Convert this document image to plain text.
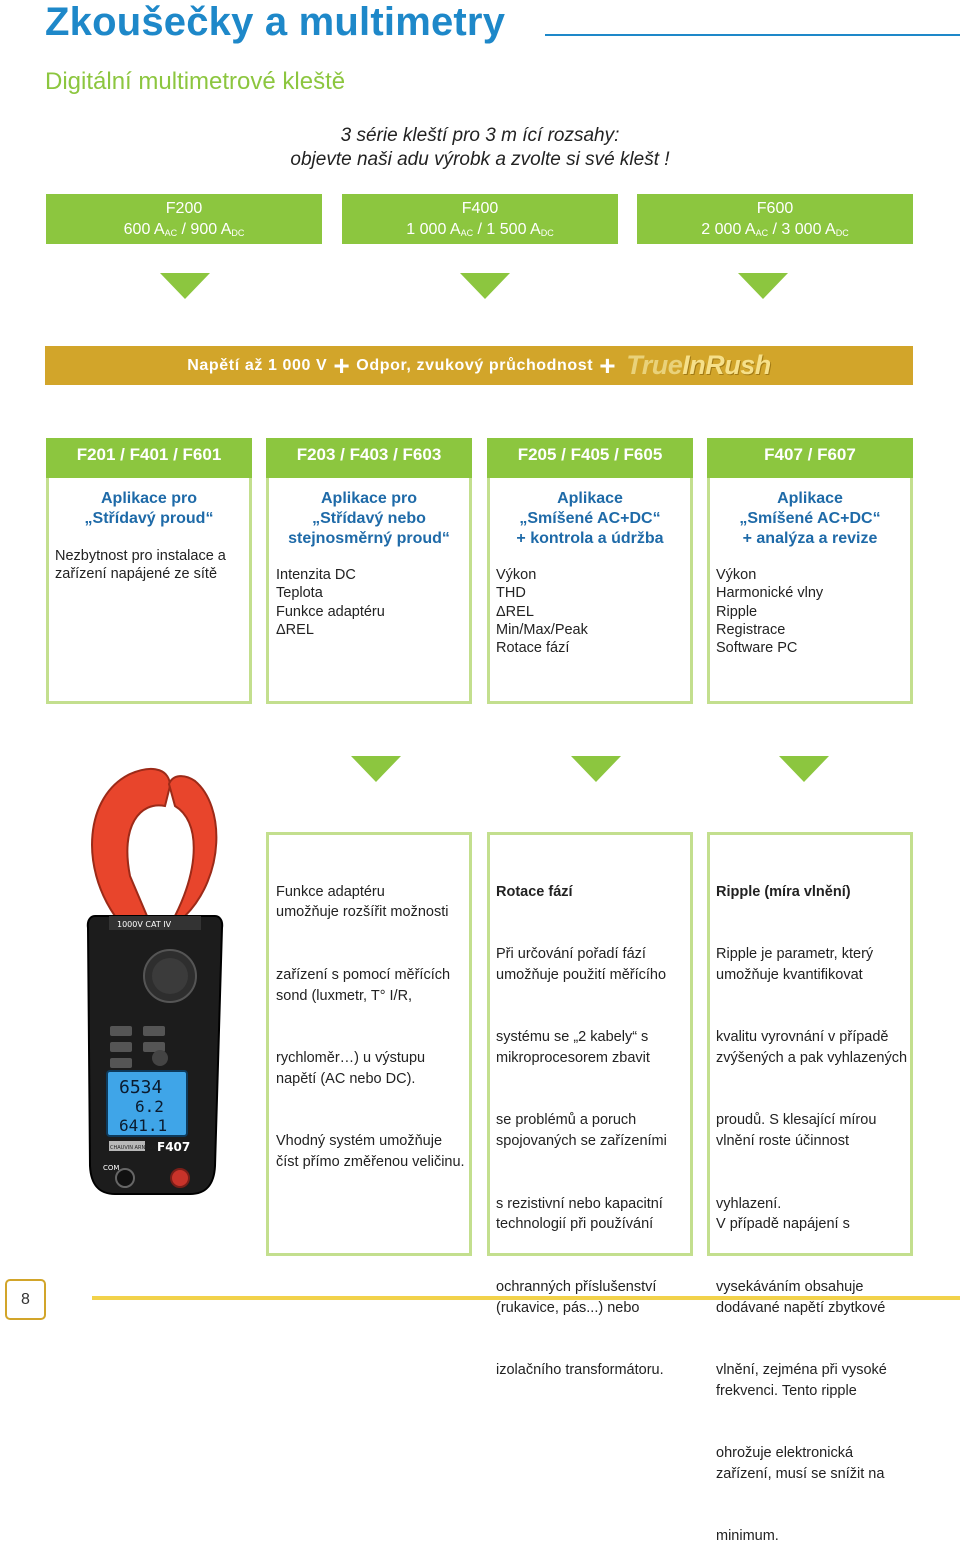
Zkoušečky a multimetry
Digitální multimetrové kleště
3 série kleští pro 3 m ící rozsahy:
objevte naši adu výrobk a zvolte si své klešt !
F200
600 $A_{AC} / 900$ $A_{DC}$
F400
1 000 $A_{AC} / 1$ 500 $A_{DC}$
F600
2 000 $A_{AC} / 3$ 000 $A_{DC}$
Napětí až 1 000 V + Odpor, zvukový průchodnost + TrueInRush
F201 / F401 / F601	F203 / F403 / F603	F205 / F405 / F605	F407 / F607
Aplikace pro
„Střídavý proud“
Nezbytnost pro instalace a
zařízení napájené ze sítě
Aplikace pro
„Střídavý nebo
stejnosměrný proud“
Intenzita DC
Teplota
Funkce adaptéru
ΔREL
Aplikace
„Smíšené AC+DC“
+ kontrola a údržba
Výkon
THD
ΔREL
Min/Max/Peak
Rotace fází
Aplikace
„Smíšené AC+DC“
+ analýza a revize
Výkon
Harmonické vlny
Ripple
Registrace
Software PC
1000V CAT IV
6534
6.2
641.1
CHAUVIN ARNOUX F407
COM

Funkce adaptéru
umožňuje rozšířit možnosti

zařízení s pomocí měřících
sond (luxmetr, T° I/R,

rychloměr…) u výstupu
napětí (AC nebo DC).

Vhodný systém umožňuje
číst přímo změřenou veličinu.

Rotace fází

Při určování pořadí fází
umožňuje použití měřícího

systému se „2 kabely“ s
mikroprocesorem zbavit

se problémů a poruch
spojovaných se zařízeními

s rezistivní nebo kapacitní
technologií při používání

ochranných příslušenství
(rukavice, pás...) nebo

izolačního transformátoru.

Ripple (míra vlnění)

Ripple je parametr, který
umožňuje kvantifikovat

kvalitu vyrovnání v případě
zvýšených a pak vyhlazených

proudů. S klesající mírou
vlnění roste účinnost

vyhlazení.
V případě napájení s

vysekáváním obsahuje
dodávané napětí zbytkové

vlnění, zejména při vysoké
frekvenci. Tento ripple

ohrožuje elektronická
zařízení, musí se snížit na

minimum.

8
